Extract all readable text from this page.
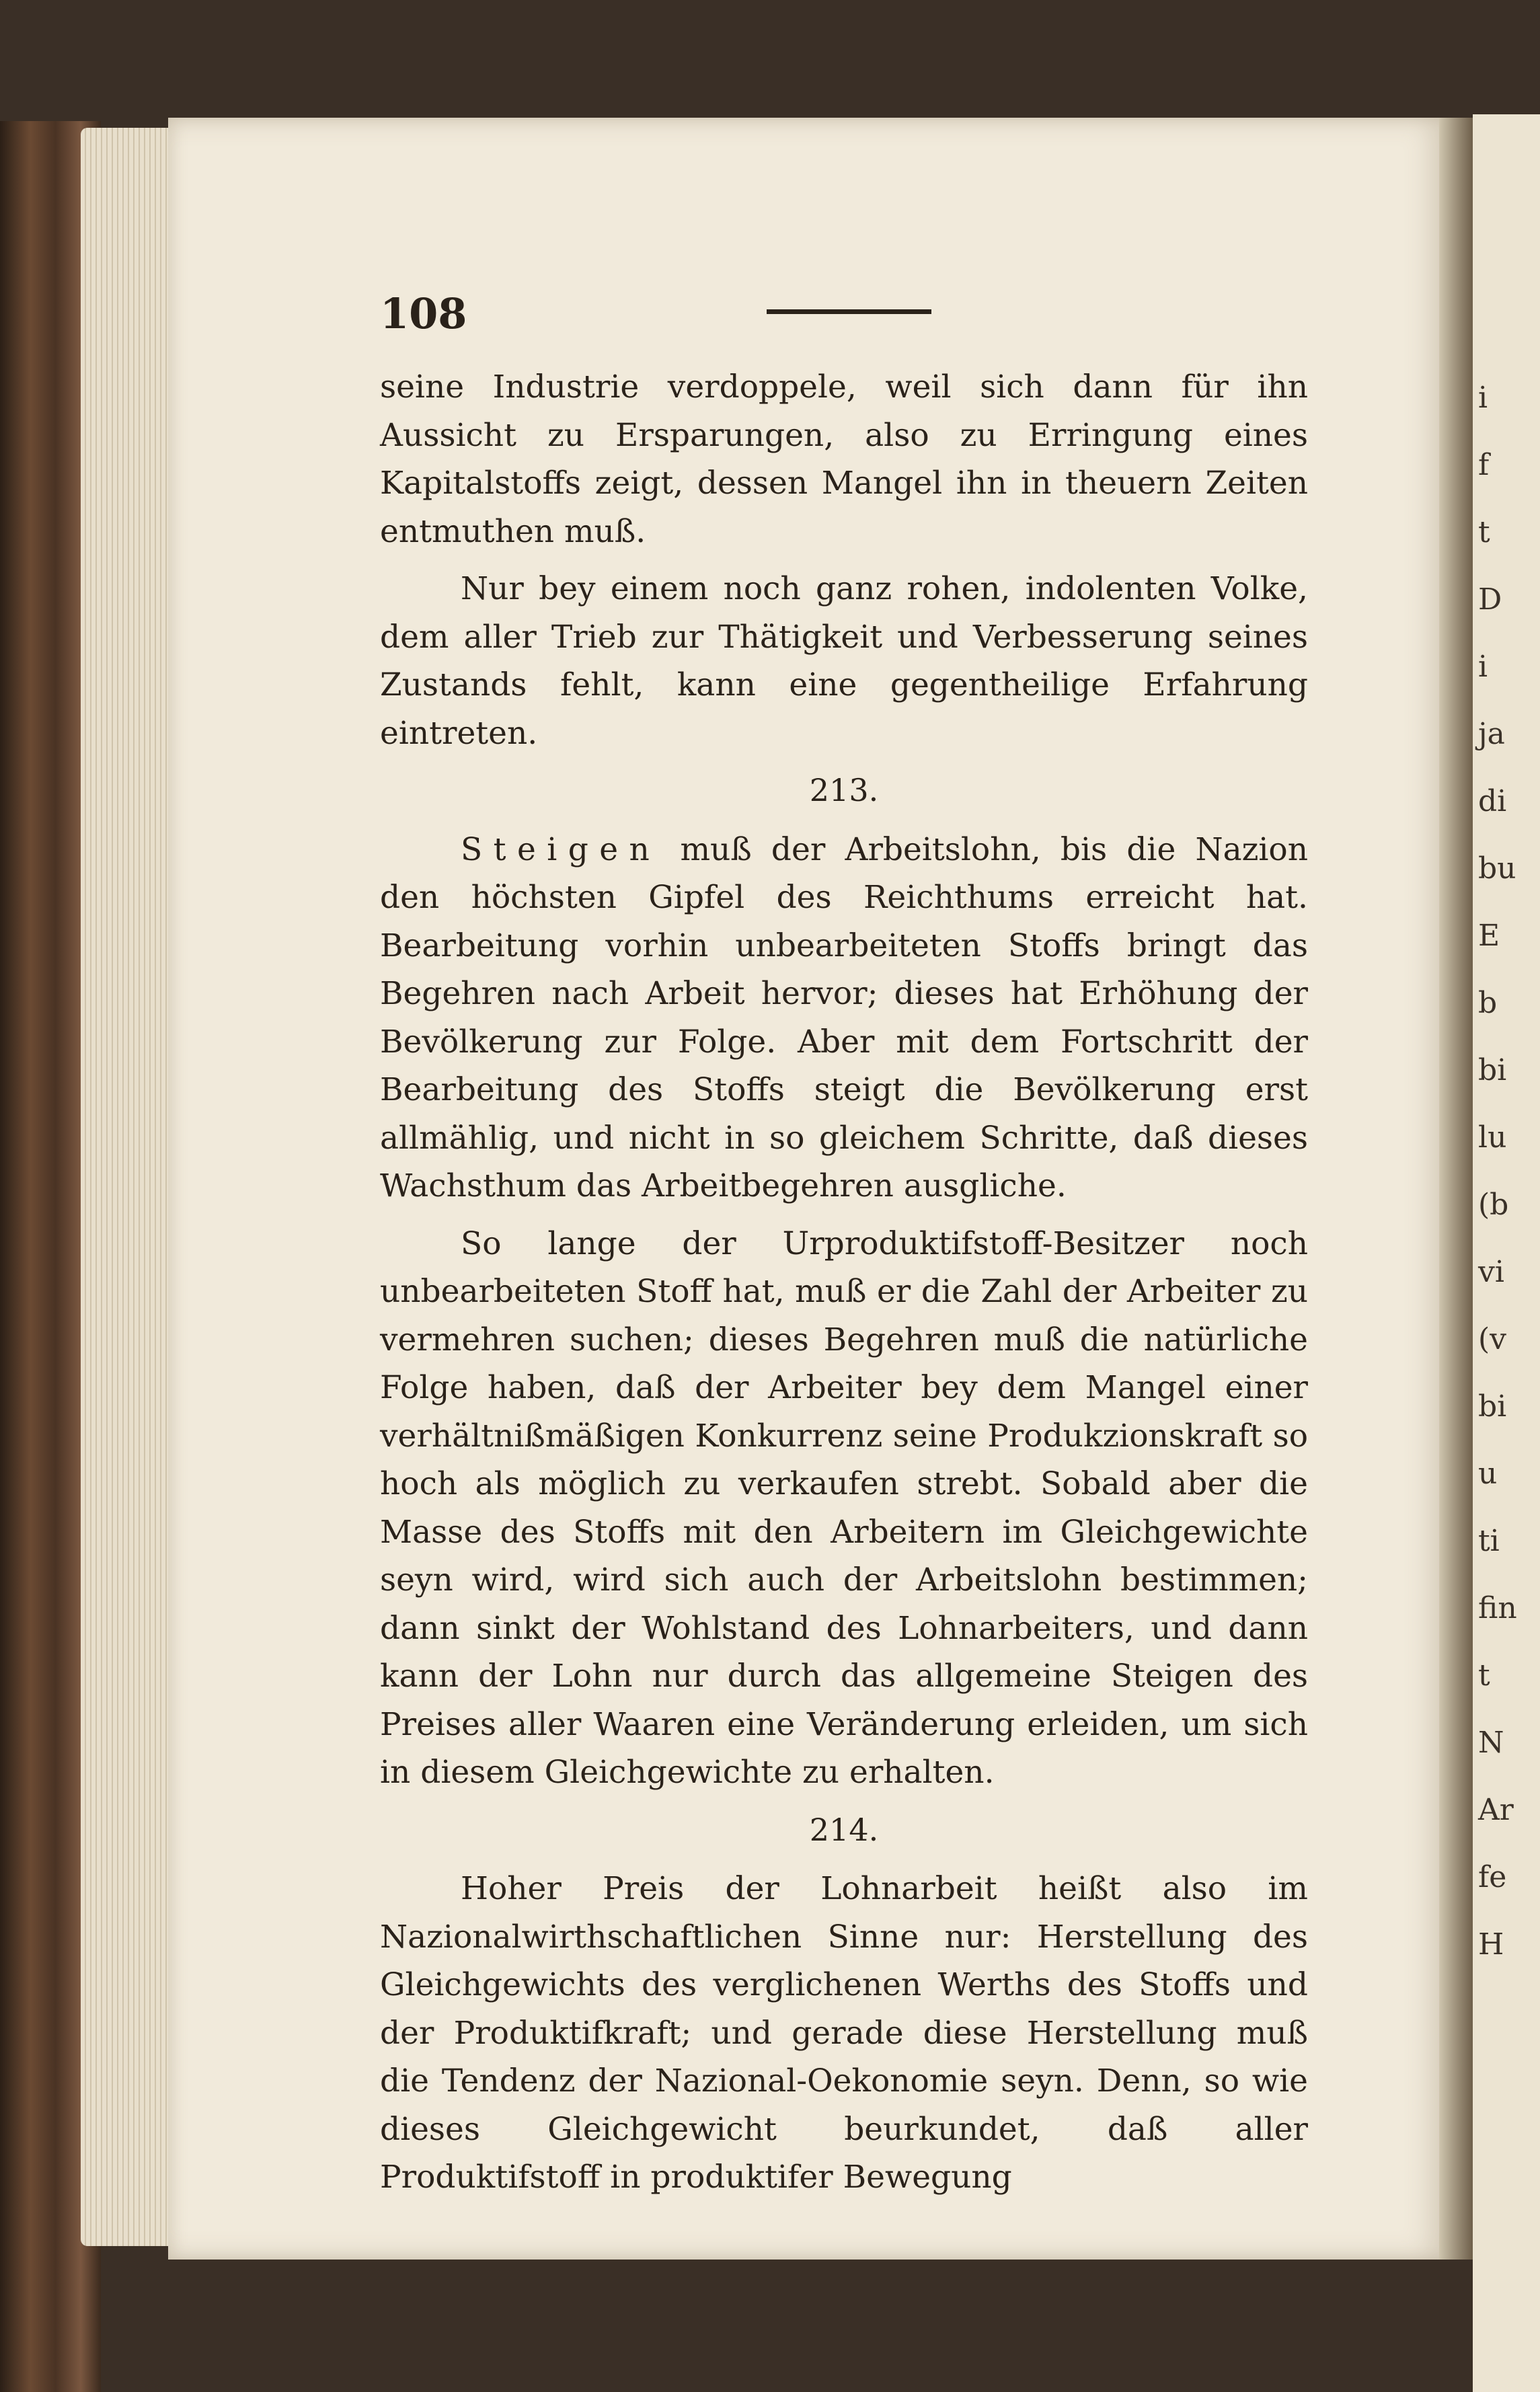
i
f
t
D
i
ja
di
bu
E
b
bi
lu
(b
vi
(v
bi
u
ti
fin
t
N
Ar
fe
H
108

seine Industrie verdoppele, weil sich dann für ihn Aussicht zu Ersparungen, also zu Erringung eines Kapitalstoffs zeigt, dessen Mangel ihn in theuern Zeiten entmuthen muß.

Nur bey einem noch ganz rohen, indolenten Volke, dem aller Trieb zur Thätigkeit und Verbesserung seines Zustands fehlt, kann eine gegentheilige Erfahrung eintreten.

213.

Steigen muß der Arbeitslohn, bis die Nazion den höchsten Gipfel des Reichthums erreicht hat. Bearbeitung vorhin unbearbeiteten Stoffs bringt das Begehren nach Arbeit hervor; dieses hat Erhöhung der Bevölkerung zur Folge. Aber mit dem Fortschritt der Bearbeitung des Stoffs steigt die Bevölkerung erst allmählig, und nicht in so gleichem Schritte, daß dieses Wachsthum das Arbeitbegehren ausgliche.

So lange der Urproduktifstoff-Besitzer noch unbearbeiteten Stoff hat, muß er die Zahl der Arbeiter zu vermehren suchen; dieses Begehren muß die natürliche Folge haben, daß der Arbeiter bey dem Mangel einer verhältnißmäßigen Konkurrenz seine Produkzionskraft so hoch als möglich zu verkaufen strebt. Sobald aber die Masse des Stoffs mit den Arbeitern im Gleichgewichte seyn wird, wird sich auch der Arbeitslohn bestimmen; dann sinkt der Wohlstand des Lohnarbeiters, und dann kann der Lohn nur durch das allgemeine Steigen des Preises aller Waaren eine Veränderung erleiden, um sich in diesem Gleichgewichte zu erhalten.

214.

Hoher Preis der Lohnarbeit heißt also im Nazionalwirthschaftlichen Sinne nur: Herstellung des Gleichgewichts des verglichenen Werths des Stoffs und der Produktifkraft; und gerade diese Herstellung muß die Tendenz der Nazional-Oekonomie seyn. Denn, so wie dieses Gleichgewicht beurkundet, daß aller Produktifstoff in produktifer Bewegung
